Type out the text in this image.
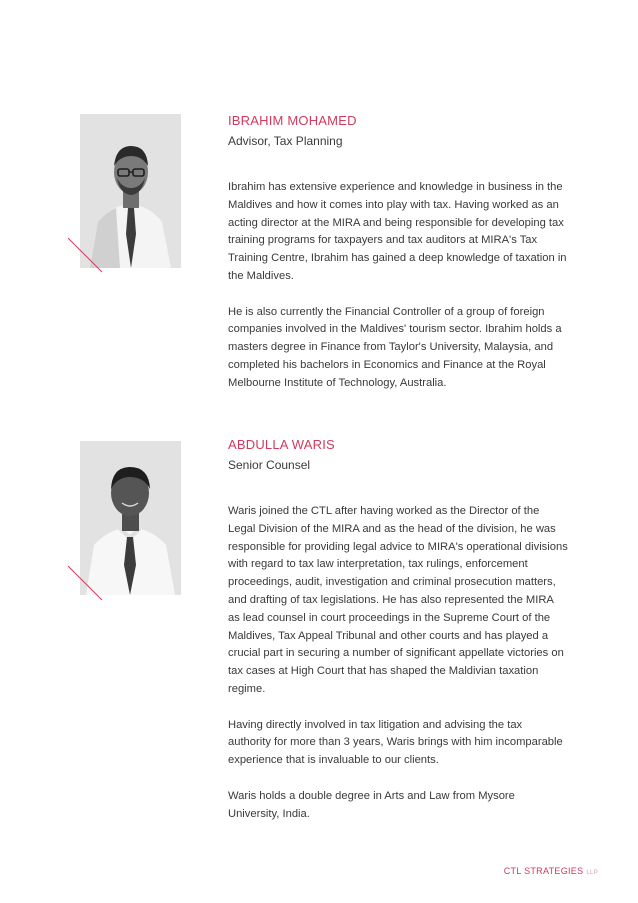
IBRAHIM MOHAMED
Advisor, Tax Planning

Ibrahim has extensive experience and knowledge in business in the Maldives and how it comes into play with tax. Having worked as an acting director at the MIRA and being responsible for developing tax training programs for taxpayers and tax auditors at MIRA's Tax Training Centre, Ibrahim has gained a deep knowledge of taxation in the Maldives.

He is also currently the Financial Controller of a group of foreign companies involved in the Maldives' tourism sector. Ibrahim holds a masters degree in Finance from Taylor's University, Malaysia, and completed his bachelors in Economics and Finance at the Royal Melbourne Institute of Technology, Australia.

ABDULLA WARIS
Senior Counsel

Waris joined the CTL after having worked as the Director of the Legal Division of the MIRA and as the head of the division, he was responsible for providing legal advice to MIRA's operational divisions with regard to tax law interpretation, tax rulings, enforcement proceedings, audit, investigation and criminal prosecution matters, and drafting of tax legislations. He has also represented the MIRA as lead counsel in court proceedings in the Supreme Court of the Maldives, Tax Appeal Tribunal and other courts and has played a crucial part in securing a number of significant appellate victories on tax cases at High Court that has shaped the Maldivian taxation regime.

Having directly involved in tax litigation and advising the tax authority for more than 3 years, Waris brings with him incomparable experience that is invaluable to our clients.

Waris holds a double degree in Arts and Law from Mysore University, India.

CTL STRATEGIES LLP
